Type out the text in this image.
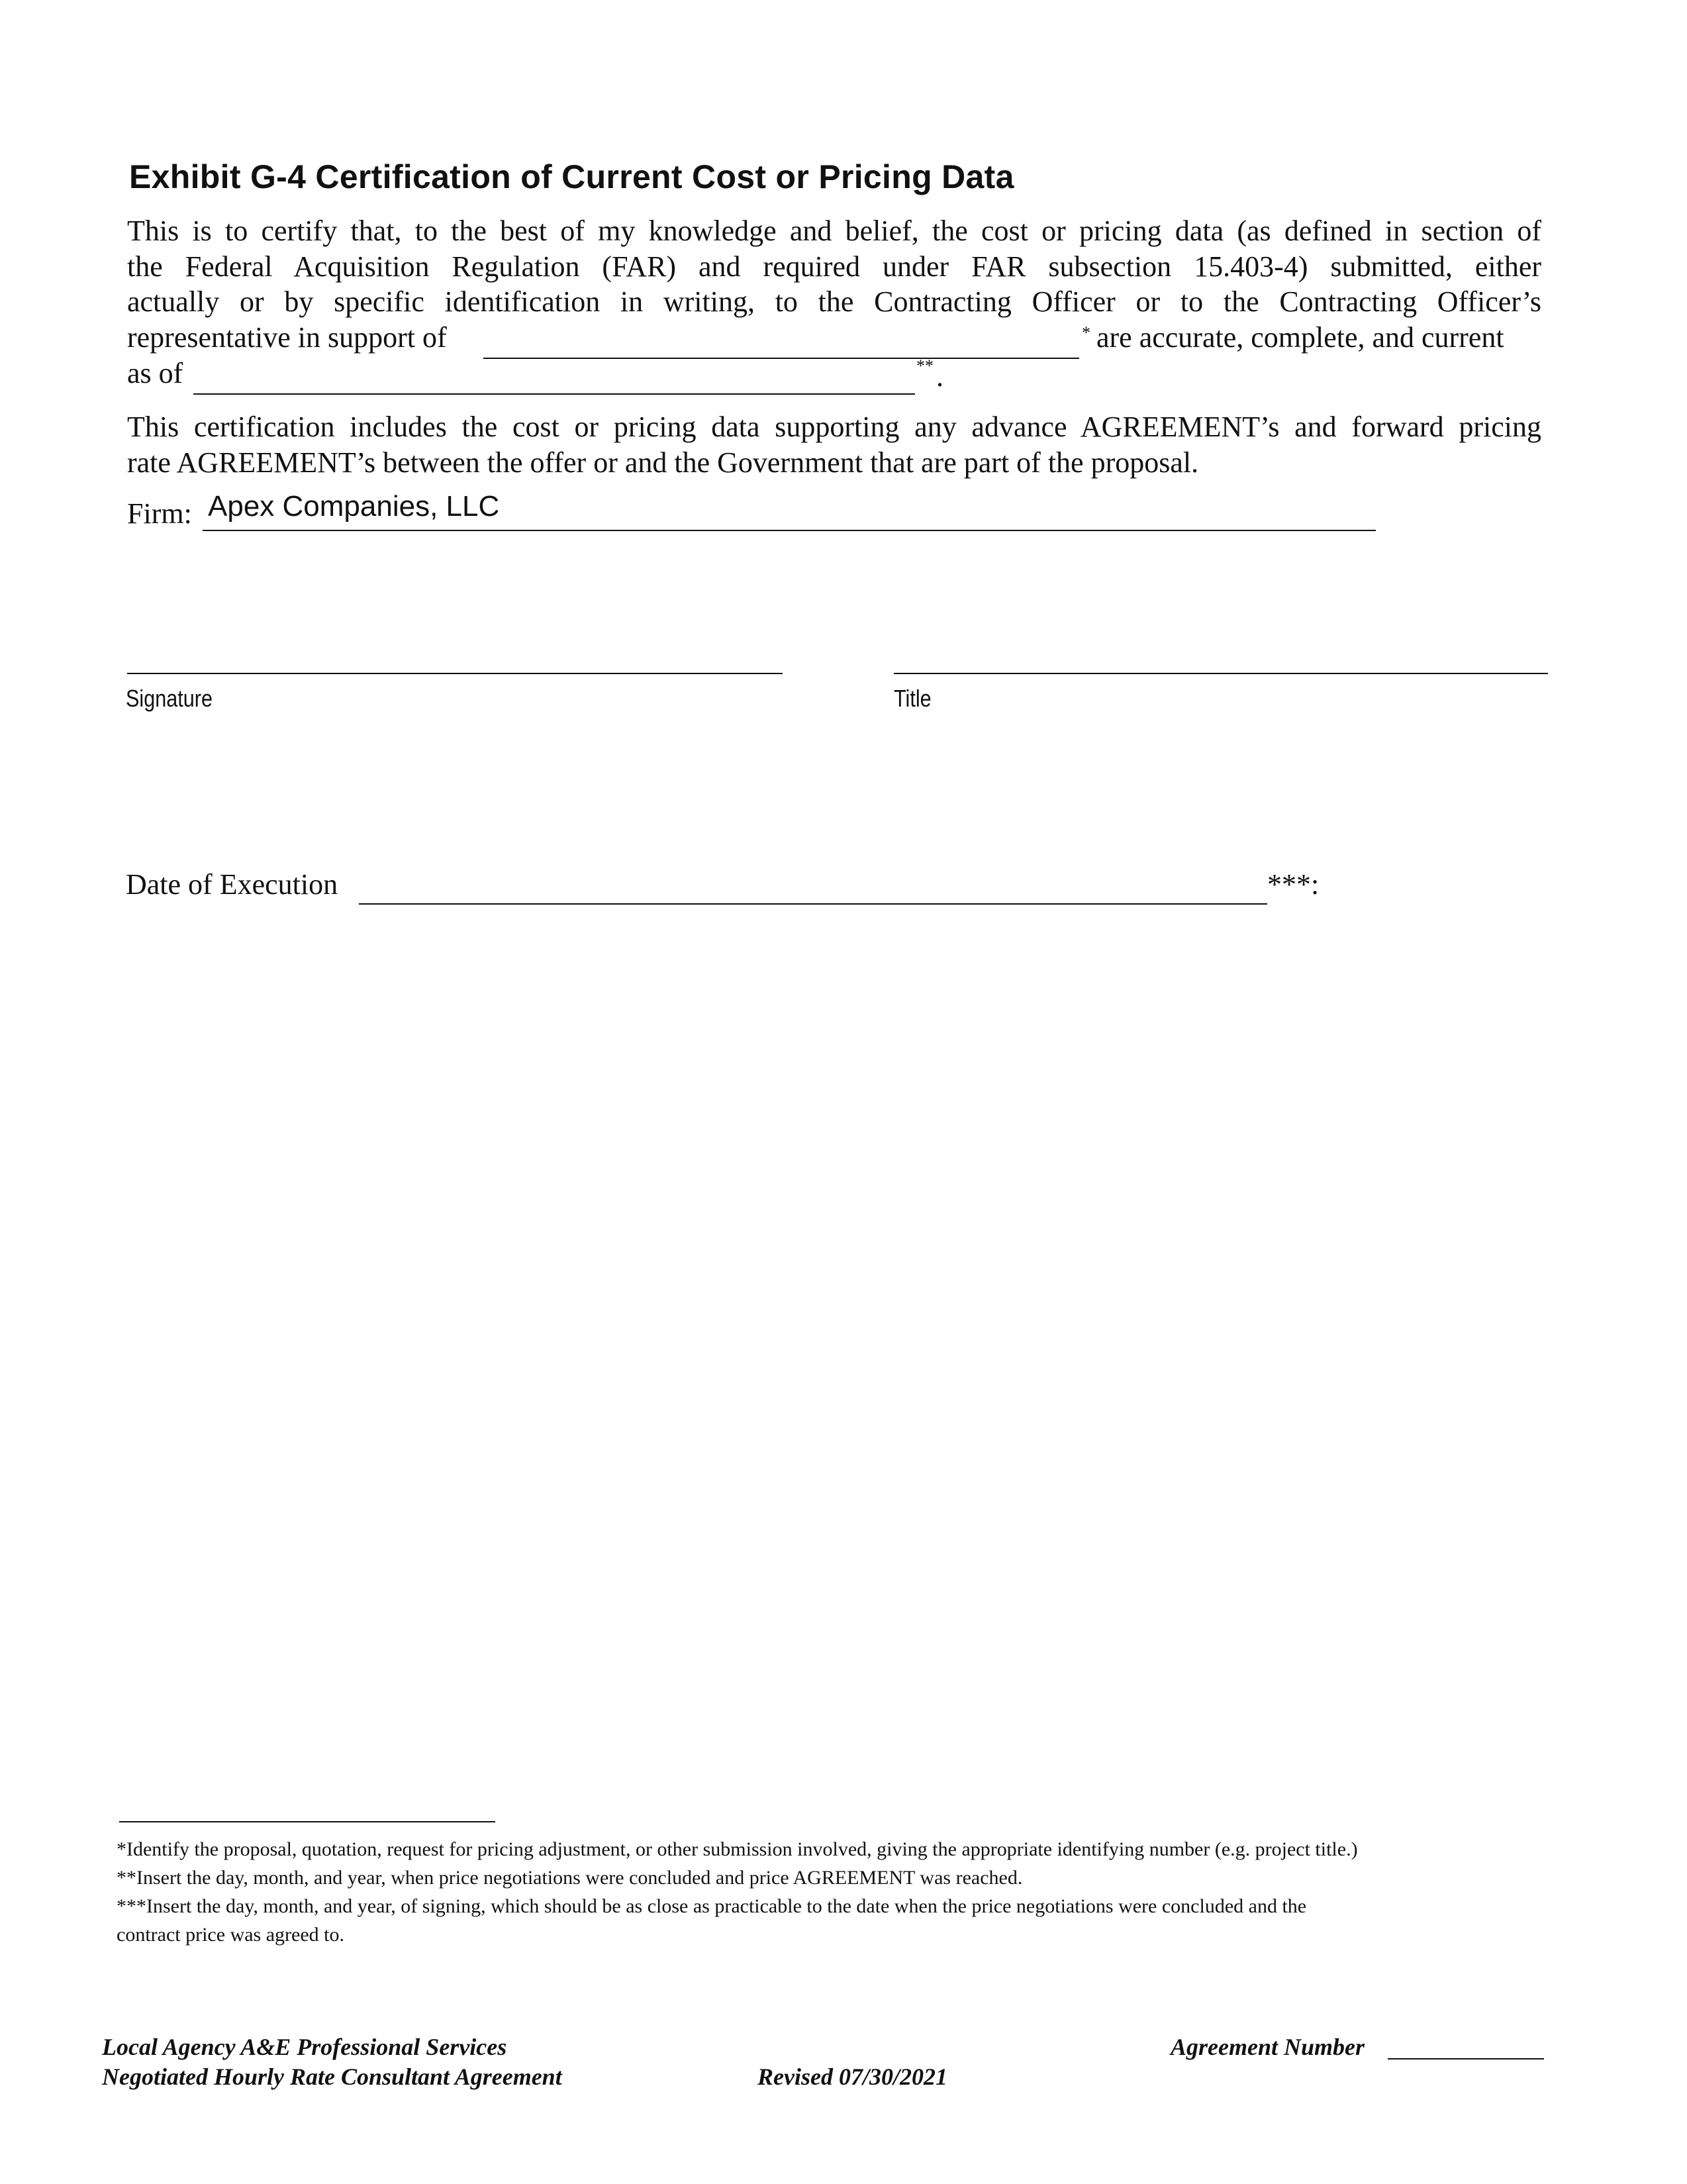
Exhibit G-4 Certification of Current Cost or Pricing Data
This is to certify that, to the best of my knowledge and belief, the cost or pricing data (as defined in section of
the Federal Acquisition Regulation (FAR) and required under FAR subsection 15.403-4) submitted, either
actually or by specific identification in writing, to the Contracting Officer or to the Contracting Officer’s
representative in support of	* are accurate, complete, and current
as of	** .
This certification includes the cost or pricing data supporting any advance AGREEMENT’s and forward pricing
rate AGREEMENT’s between the offer or and the Government that are part of the proposal.
Firm: Apex Companies, LLC
Signature	Title
Date of Execution	***:
*Identify the proposal, quotation, request for pricing adjustment, or other submission involved, giving the appropriate identifying number (e.g. project title.)
**Insert the day, month, and year, when price negotiations were concluded and price AGREEMENT was reached.
***Insert the day, month, and year, of signing, which should be as close as practicable to the date when the price negotiations were concluded and the
contract price was agreed to.
Local Agency A&E Professional Services
Negotiated Hourly Rate Consultant Agreement	Revised 07/30/2021
Agreement Number
